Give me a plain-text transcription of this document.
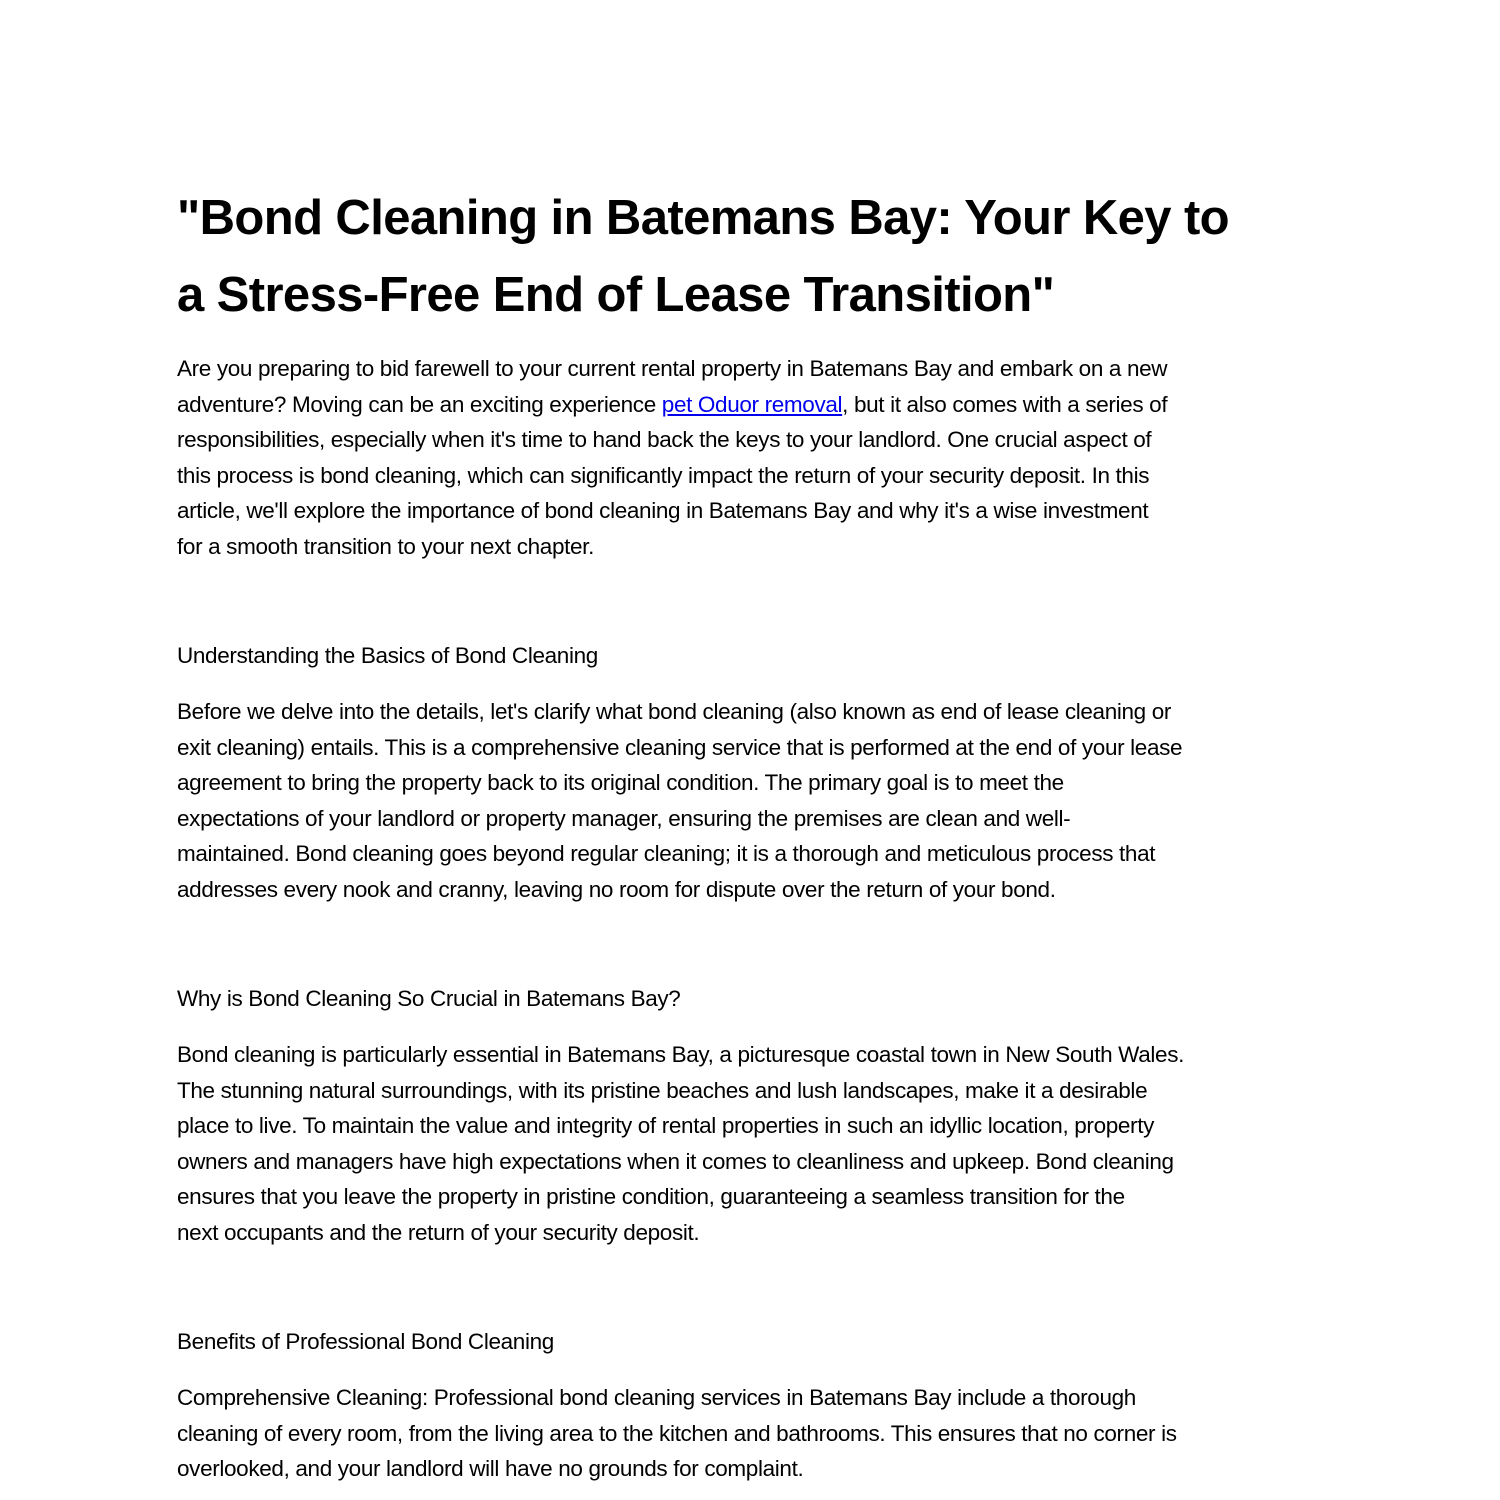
"Bond Cleaning in Batemans Bay: Your Key to
a Stress-Free End of Lease Transition"

Are you preparing to bid farewell to your current rental property in Batemans Bay and embark on a new
adventure? Moving can be an exciting experience pet Oduor removal, but it also comes with a series of
responsibilities, especially when it's time to hand back the keys to your landlord. One crucial aspect of
this process is bond cleaning, which can significantly impact the return of your security deposit. In this
article, we'll explore the importance of bond cleaning in Batemans Bay and why it's a wise investment
for a smooth transition to your next chapter.

Understanding the Basics of Bond Cleaning

Before we delve into the details, let's clarify what bond cleaning (also known as end of lease cleaning or
exit cleaning) entails. This is a comprehensive cleaning service that is performed at the end of your lease
agreement to bring the property back to its original condition. The primary goal is to meet the
expectations of your landlord or property manager, ensuring the premises are clean and well-
maintained. Bond cleaning goes beyond regular cleaning; it is a thorough and meticulous process that
addresses every nook and cranny, leaving no room for dispute over the return of your bond.

Why is Bond Cleaning So Crucial in Batemans Bay?

Bond cleaning is particularly essential in Batemans Bay, a picturesque coastal town in New South Wales.
The stunning natural surroundings, with its pristine beaches and lush landscapes, make it a desirable
place to live. To maintain the value and integrity of rental properties in such an idyllic location, property
owners and managers have high expectations when it comes to cleanliness and upkeep. Bond cleaning
ensures that you leave the property in pristine condition, guaranteeing a seamless transition for the
next occupants and the return of your security deposit.

Benefits of Professional Bond Cleaning

Comprehensive Cleaning: Professional bond cleaning services in Batemans Bay include a thorough
cleaning of every room, from the living area to the kitchen and bathrooms. This ensures that no corner is
overlooked, and your landlord will have no grounds for complaint.
